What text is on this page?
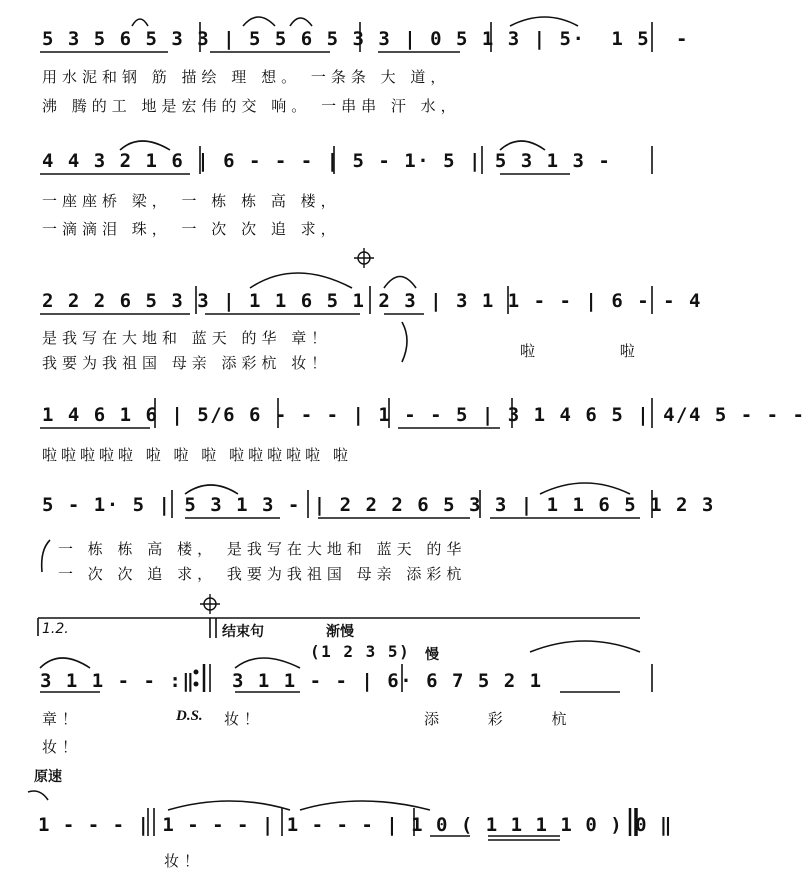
5 3 5 6 5 3 3 | 5 5 6 5 3 3 | 0 5 1 3 | 5·  1 5  -
用水泥和钢 筋 描绘 理 想。 一条条 大 道，
沸 腾的工 地是宏伟的交 响。 一串串 汗 水，
4 4 3 2 1 6 | 6 - - - | 5 - 1· 5 | 5 3 1 3 -
一座座桥 梁， 一 栋 栋 高 楼，
一滴滴泪 珠， 一 次 次 追 求，
2 2 2 6 5 3 3 | 1 1 6 5 1 2 3 | 3 1 1 - - | 6 - - 4
是我写在大地和 蓝天 的华 章！
我要为我祖国 母亲 添彩杭 妆！
啦 啦
1 4 6 1 6 | 5/6 6 - - - | 1 - - 5 | 3 1 4 6 5 | 4/4 5 - - -
啦啦啦啦啦 啦 啦 啦 啦啦啦啦啦 啦
5 - 1· 5 | 5 3 1 3 - | 2 2 2 6 5 3 3 | 1 1 6 5 1 2 3
一 栋 栋 高 楼， 是我写在大地和 蓝天 的华
一 次 次 追 求， 我要为我祖国 母亲 添彩杭
1.2.	结束句	渐慢
(1 2 3 5) 慢
3 1 1 - - :‖ 3 1 1 - - | 6· 6 7 5 2 1
章！	D.S. 妆！	添 彩 杭
妆！
原速
1 - - - | 1 - - - | 1 - - - | 1 0 ( 1 1 1 1 0 ) 0 ‖
妆！
